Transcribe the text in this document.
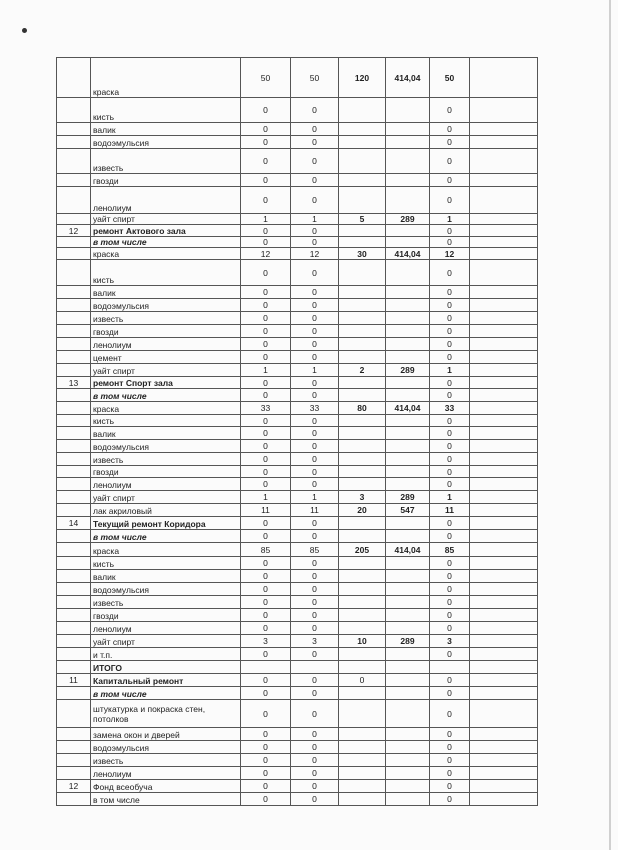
	краска	50	50	120	414,04	50	
	кисть	0	0			0	
	валик	0	0			0	
	водоэмульсия	0	0			0	
	известь	0	0			0	
	гвозди	0	0			0	
	ленолиум	0	0			0	
	уайт спирт	1	1	5	289	1	
12	ремонт Актового зала	0	0			0	
	в том числе	0	0			0	
	краска	12	12	30	414,04	12	
	кисть	0	0			0	
	валик	0	0			0	
	водоэмульсия	0	0			0	
	известь	0	0			0	
	гвозди	0	0			0	
	ленолиум	0	0			0	
	цемент	0	0			0	
	уайт спирт	1	1	2	289	1	
13	ремонт Спорт зала	0	0			0	
	в том числе	0	0			0	
	краска	33	33	80	414,04	33	
	кисть	0	0			0	
	валик	0	0			0	
	водоэмульсия	0	0			0	
	известь	0	0			0	
	гвозди	0	0			0	
	ленолиум	0	0			0	
	уайт спирт	1	1	3	289	1	
	лак акриловый	11	11	20	547	11	
14	Текущий ремонт Коридора	0	0			0	
	в том числе	0	0			0	
	краска	85	85	205	414,04	85	
	кисть	0	0			0	
	валик	0	0			0	
	водоэмульсия	0	0			0	
	известь	0	0			0	
	гвозди	0	0			0	
	ленолиум	0	0			0	
	уайт спирт	3	3	10	289	3	
	и т.п.	0	0			0	
	ИТОГО						
11	Капитальный ремонт	0	0	0		0	
	в том числе	0	0			0	
	штукатурка и покраска стен, потолков	0	0			0	
	замена окон и дверей	0	0			0	
	водоэмульсия	0	0			0	
	известь	0	0			0	
	ленолиум	0	0			0	
12	Фонд всеобуча	0	0			0	
	в том числе	0	0			0	
